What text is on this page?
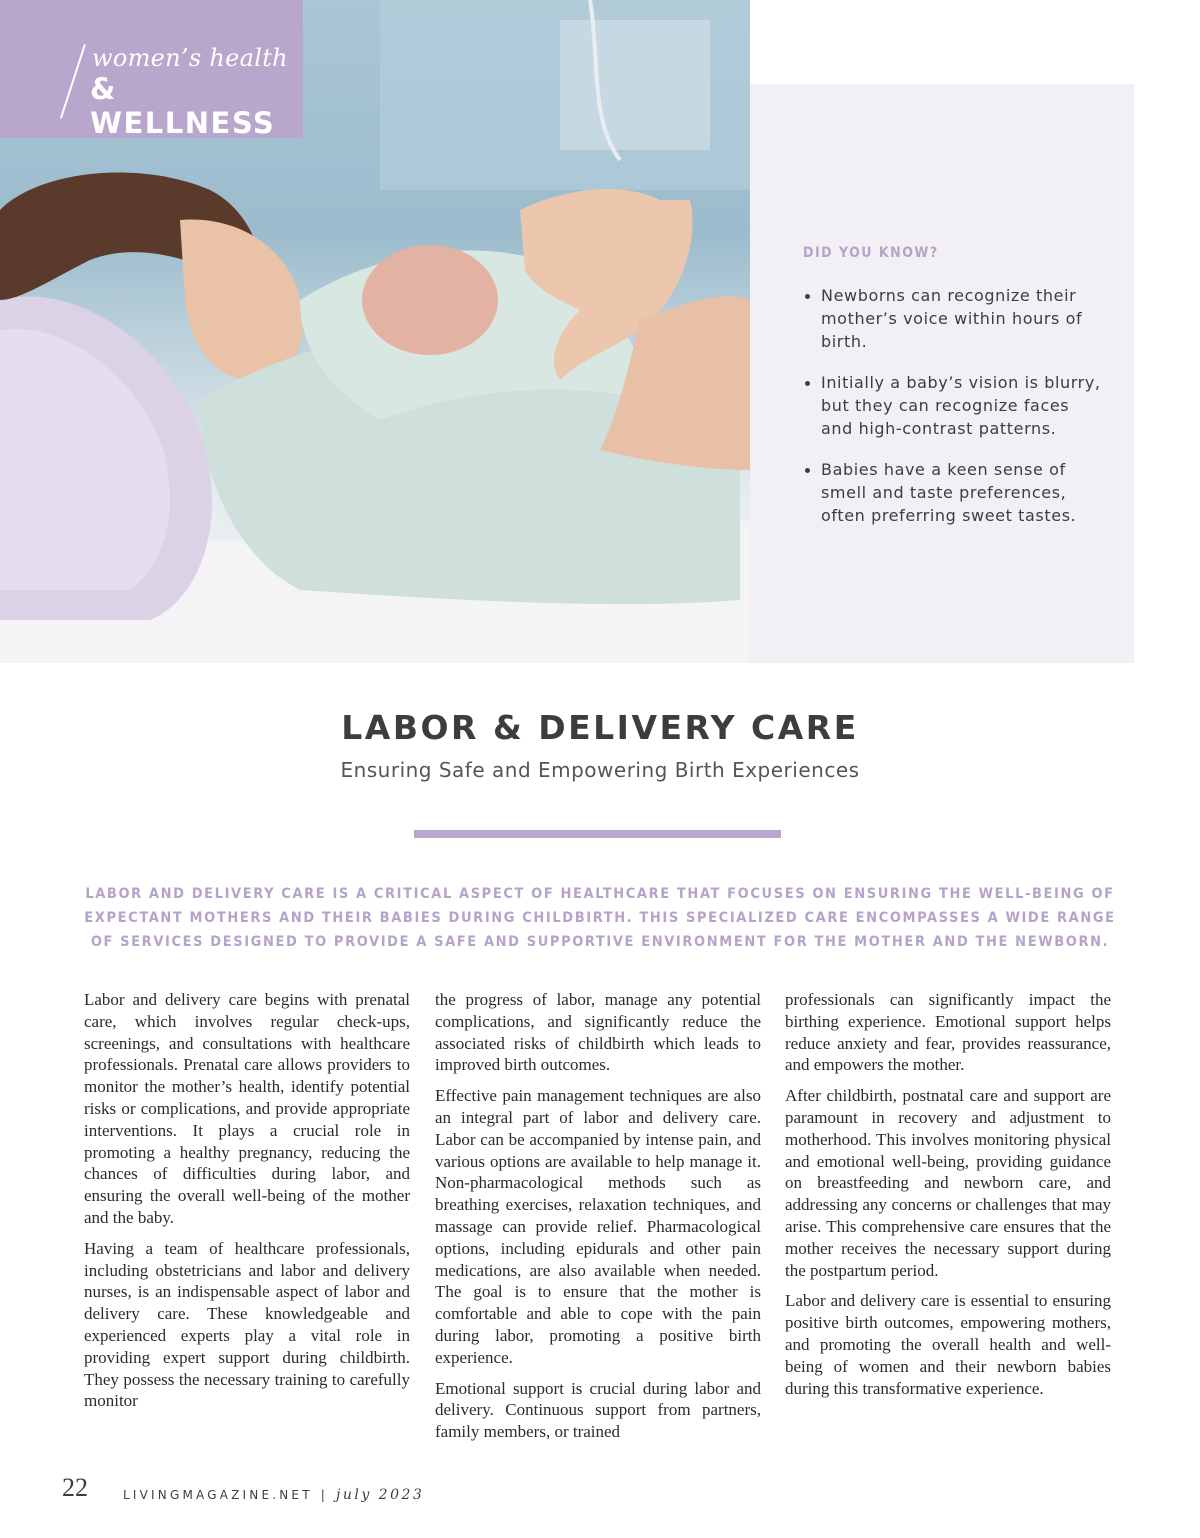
women’s health
& WELLNESS
DID YOU KNOW?
Newborns can recognize their mother’s voice within hours of birth.
Initially a baby’s vision is blurry, but they can recognize faces and high-contrast patterns.
Babies have a keen sense of smell and taste preferences, often preferring sweet tastes.
LABOR & DELIVERY CARE
Ensuring Safe and Empowering Birth Experiences
LABOR AND DELIVERY CARE IS A CRITICAL ASPECT OF HEALTHCARE THAT FOCUSES ON ENSURING THE WELL-BEING OF EXPECTANT MOTHERS AND THEIR BABIES DURING CHILDBIRTH. THIS SPECIALIZED CARE ENCOMPASSES A WIDE RANGE OF SERVICES DESIGNED TO PROVIDE A SAFE AND SUPPORTIVE ENVIRONMENT FOR THE MOTHER AND THE NEWBORN.

Labor and delivery care begins with prenatal care, which involves regular check-ups, screenings, and consultations with healthcare professionals. Prenatal care allows providers to monitor the mother’s health, identify potential risks or complications, and provide appropriate interventions. It plays a crucial role in promoting a healthy pregnancy, reducing the chances of difficulties during labor, and ensuring the overall well-being of the mother and the baby.

Having a team of healthcare professionals, including obstetricians and labor and delivery nurses, is an indispensable aspect of labor and delivery care. These knowledgeable and experienced experts play a vital role in providing expert support during childbirth. They possess the necessary training to carefully monitor

the progress of labor, manage any potential complications, and significantly reduce the associated risks of childbirth which leads to improved birth outcomes.

Effective pain management techniques are also an integral part of labor and delivery care. Labor can be accompanied by intense pain, and various options are available to help manage it. Non-pharmacological methods such as breathing exercises, relaxation techniques, and massage can provide relief. Pharmacological options, including epidurals and other pain medications, are also available when needed. The goal is to ensure that the mother is comfortable and able to cope with the pain during labor, promoting a positive birth experience.

Emotional support is crucial during labor and delivery. Continuous support from partners, family members, or trained

professionals can significantly impact the birthing experience. Emotional support helps reduce anxiety and fear, provides reassurance, and empowers the mother.

After childbirth, postnatal care and support are paramount in recovery and adjustment to motherhood. This involves monitoring physical and emotional well-being, providing guidance on breastfeeding and newborn care, and addressing any concerns or challenges that may arise. This comprehensive care ensures that the mother receives the necessary support during the postpartum period.

Labor and delivery care is essential to ensuring positive birth outcomes, empowering mothers, and promoting the overall health and well-being of women and their newborn babies during this transformative experience.

22	LIVINGMAGAZINE.NET | july 2023
